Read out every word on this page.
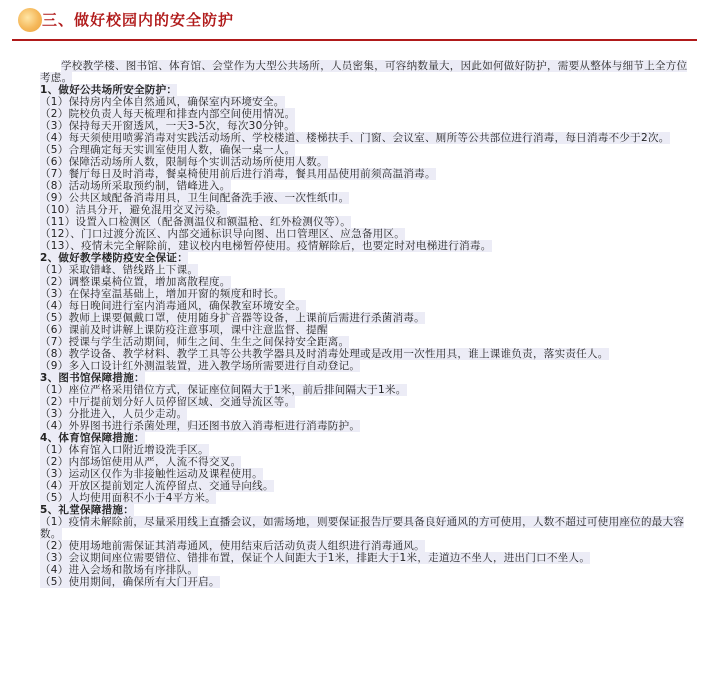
三、做好校园内的安全防护

学校教学楼、图书馆、体育馆、会堂作为大型公共场所，人员密集，可容纳数量大，因此如何做好防护，需要从整体与细节上全方位考虑。

1、做好公共场所安全防护：

（1）保持房内全体自然通风，确保室内环境安全。

（2）院校负责人每天梳理和排查内部空间使用情况。

（3）保持每天开窗透风，一天3-5次，每次30分钟。

（4）每天须使用喷雾消毒对实践活动场所、学校楼道、楼梯扶手、门窗、会议室、厕所等公共部位进行消毒，每日消毒不少于2次。

（5）合理确定每天实训室使用人数，确保一桌一人。

（6）保障活动场所人数，限制每个实训活动场所使用人数。

（7）餐厅每日及时消毒，餐桌椅使用前后进行消毒，餐具用品使用前须高温消毒。

（8）活动场所采取预约制，错峰进入。

（9）公共区域配备消毒用具，卫生间配备洗手液、一次性纸巾。

（10）洁具分开，避免混用交叉污染。

（11）设置入口检测区（配备测温仪和额温枪、红外检测仪等）。

（12）、门口过渡分流区、内部交通标识导向图、出口管理区、应急备用区。

（13）、疫情未完全解除前，建议校内电梯暂停使用。疫情解除后，也要定时对电梯进行消毒。

2、做好教学楼防疫安全保证：

（1）采取错峰、错线路上下课。

（2）调整课桌椅位置，增加离散程度。

（3）在保持室温基础上，增加开窗的频度和时长。

（4）每日晚间进行室内消毒通风，确保教室环境安全。

（5）教师上课要佩戴口罩，使用随身扩音器等设备，上课前后需进行杀菌消毒。

（6）课前及时讲解上课防疫注意事项，课中注意监督、提醒

（7）授课与学生活动期间，师生之间、生生之间保持安全距离。

（8）教学设备、教学材料、教学工具等公共教学器具及时消毒处理或是改用一次性用具，谁上课谁负责，落实责任人。

（9）多入口设计红外测温装置，进入教学场所需要进行自动登记。

3、图书馆保障措施：

（1）座位严格采用错位方式，保证座位间隔大于1米，前后排间隔大于1米。

（2）中厅提前划分好人员停留区域、交通导流区等。

（3）分批进入，人员少走动。

（4）外界图书进行杀菌处理，归还图书放入消毒柜进行消毒防护。

4、体育馆保障措施：

（1）体育馆入口附近增设洗手区。

（2）内部场馆使用从严，人流不得交叉。

（3）运动区仅作为非接触性运动及课程使用。

（4）开放区提前划定人流停留点、交通导向线。

（5）人均使用面积不小于4平方米。

5、礼堂保障措施：

（1）疫情未解除前，尽量采用线上直播会议，如需场地，则要保证报告厅要具备良好通风的方可使用，人数不超过可使用座位的最大容数。

（2）使用场地前需保证其消毒通风，使用结束后活动负责人组织进行消毒通风。

（3）会议期间座位需要错位、错排布置，保证个人间距大于1米，排距大于1米，走道边不坐人，进出门口不坐人。

（4）进入会场和散场有序排队。

（5）使用期间，确保所有大门开启。
